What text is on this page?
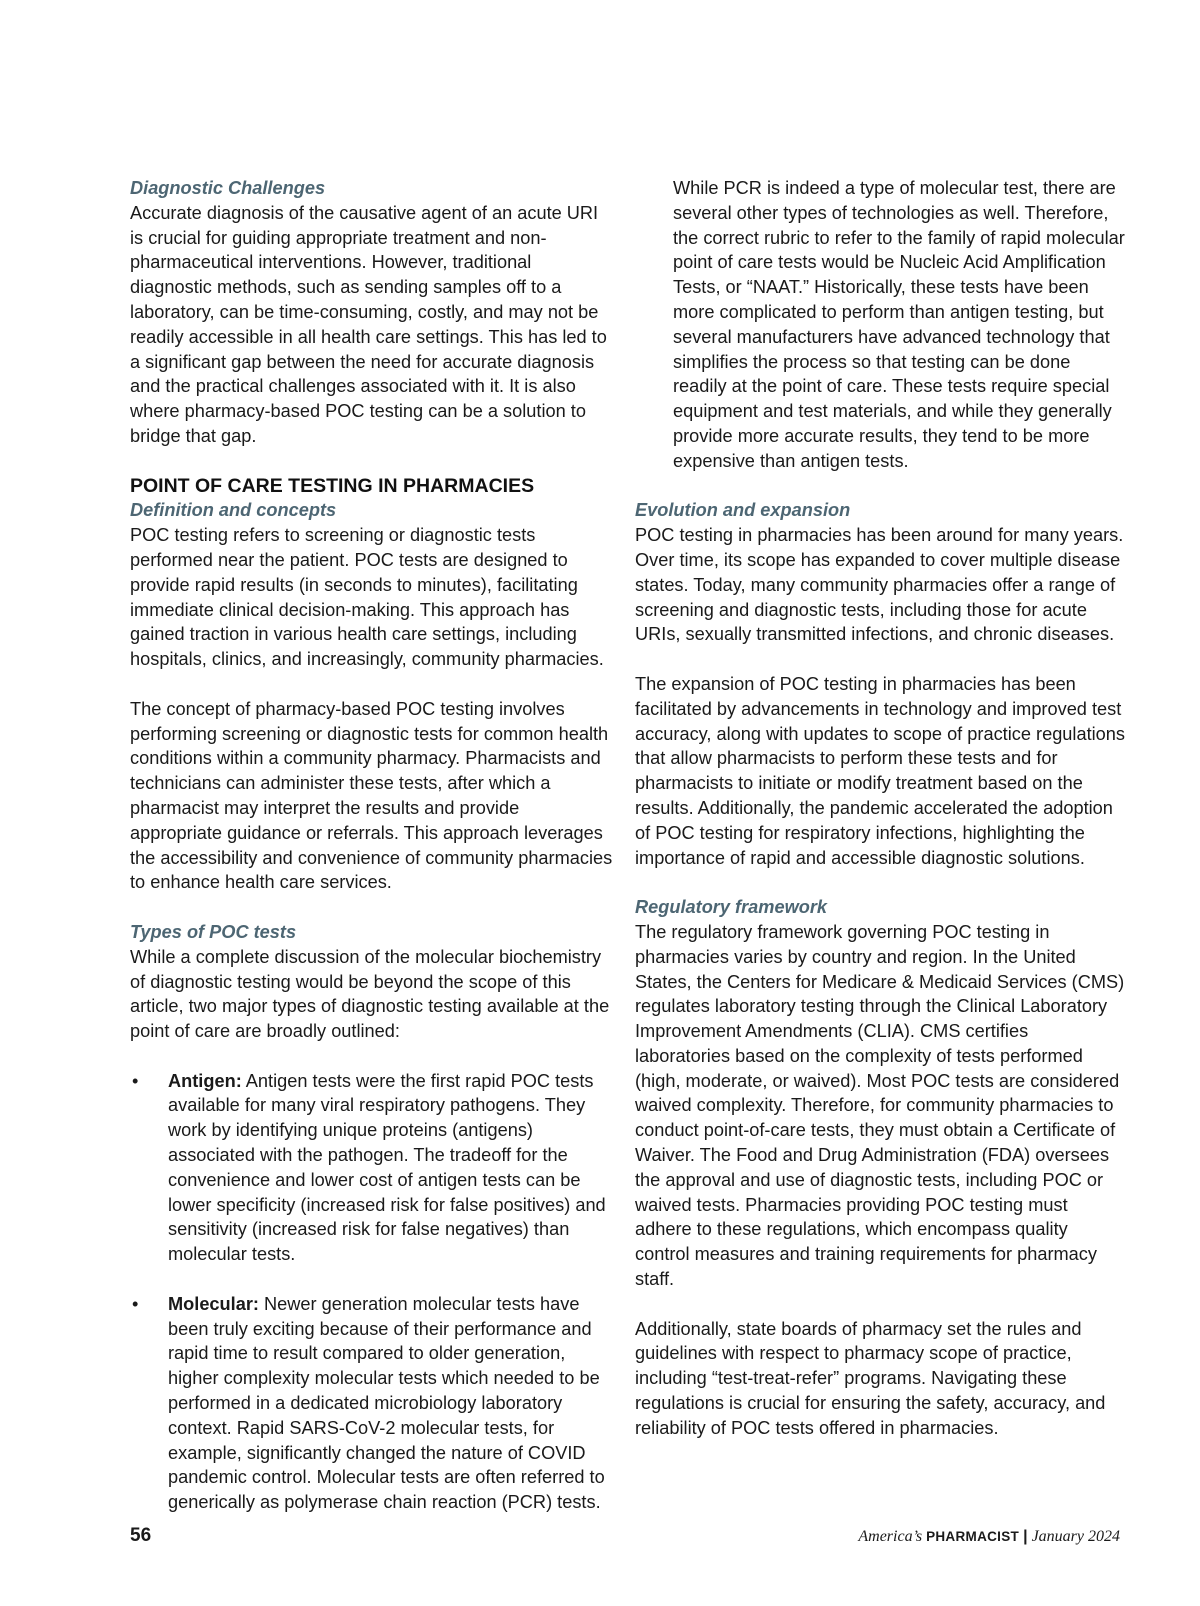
Diagnostic Challenges

Accurate diagnosis of the causative agent of an acute URI is crucial for guiding appropriate treatment and non-pharmaceutical interventions. However, traditional diagnostic methods, such as sending samples off to a laboratory, can be time-consuming, costly, and may not be readily accessible in all health care settings. This has led to a significant gap between the need for accurate diagnosis and the practical challenges associated with it. It is also where pharmacy-based POC testing can be a solution to bridge that gap.

POINT OF CARE TESTING IN PHARMACIES

Definition and concepts

POC testing refers to screening or diagnostic tests performed near the patient. POC tests are designed to provide rapid results (in seconds to minutes), facilitating immediate clinical decision-making. This approach has gained traction in various health care settings, including hospitals, clinics, and increasingly, community pharmacies.

The concept of pharmacy-based POC testing involves performing screening or diagnostic tests for common health conditions within a community pharmacy. Pharmacists and technicians can administer these tests, after which a pharmacist may interpret the results and provide appropriate guidance or referrals. This approach leverages the accessibility and convenience of community pharmacies to enhance health care services.

Types of POC tests

While a complete discussion of the molecular biochemistry of diagnostic testing would be beyond the scope of this article, two major types of diagnostic testing available at the point of care are broadly outlined:

• Antigen: Antigen tests were the first rapid POC tests available for many viral respiratory pathogens. They work by identifying unique proteins (antigens) associated with the pathogen. The tradeoff for the convenience and lower cost of antigen tests can be lower specificity (increased risk for false positives) and sensitivity (increased risk for false negatives) than molecular tests.
• Molecular: Newer generation molecular tests have been truly exciting because of their performance and rapid time to result compared to older generation, higher complexity molecular tests which needed to be performed in a dedicated microbiology laboratory context. Rapid SARS-CoV-2 molecular tests, for example, significantly changed the nature of COVID pandemic control. Molecular tests are often referred to generically as polymerase chain reaction (PCR) tests.

While PCR is indeed a type of molecular test, there are several other types of technologies as well. Therefore, the correct rubric to refer to the family of rapid molecular point of care tests would be Nucleic Acid Amplification Tests, or “NAAT.” Historically, these tests have been more complicated to perform than antigen testing, but several manufacturers have advanced technology that simplifies the process so that testing can be done readily at the point of care. These tests require special equipment and test materials, and while they generally provide more accurate results, they tend to be more expensive than antigen tests.

Evolution and expansion

POC testing in pharmacies has been around for many years. Over time, its scope has expanded to cover multiple disease states. Today, many community pharmacies offer a range of screening and diagnostic tests, including those for acute URIs, sexually transmitted infections, and chronic diseases.

The expansion of POC testing in pharmacies has been facilitated by advancements in technology and improved test accuracy, along with updates to scope of practice regulations that allow pharmacists to perform these tests and for pharmacists to initiate or modify treatment based on the results. Additionally, the pandemic accelerated the adoption of POC testing for respiratory infections, highlighting the importance of rapid and accessible diagnostic solutions.

Regulatory framework

The regulatory framework governing POC testing in pharmacies varies by country and region. In the United States, the Centers for Medicare & Medicaid Services (CMS) regulates laboratory testing through the Clinical Laboratory Improvement Amendments (CLIA). CMS certifies laboratories based on the complexity of tests performed (high, moderate, or waived). Most POC tests are considered waived complexity. Therefore, for community pharmacies to conduct point-of-care tests, they must obtain a Certificate of Waiver. The Food and Drug Administration (FDA) oversees the approval and use of diagnostic tests, including POC or waived tests. Pharmacies providing POC testing must adhere to these regulations, which encompass quality control measures and training requirements for pharmacy staff.

Additionally, state boards of pharmacy set the rules and guidelines with respect to pharmacy scope of practice, including “test-treat-refer” programs. Navigating these regulations is crucial for ensuring the safety, accuracy, and reliability of POC tests offered in pharmacies.

56	America’s PHARMACIST | January 2024
